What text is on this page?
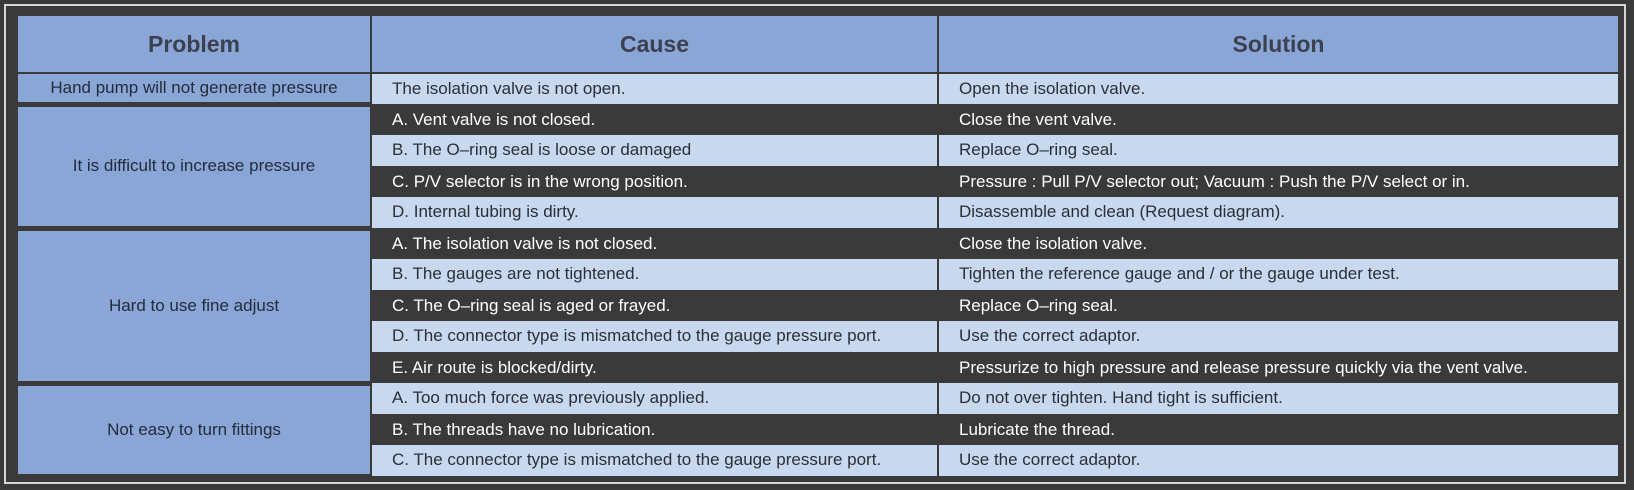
Problem	Cause	Solution
Hand pump will not generate pressure	The isolation valve is not open.	Open the isolation valve.
It is difficult to increase pressure	A. Vent valve is not closed.	Close the vent valve.
	B. The O–ring seal is loose or damaged	Replace O–ring seal.
	C. P/V selector is in the wrong position.	Pressure : Pull P/V selector out; Vacuum : Push the P/V select or in.
	D. Internal tubing is dirty.	Disassemble and clean (Request diagram).
Hard to use fine adjust	A. The isolation valve is not closed.	Close the isolation valve.
	B. The gauges are not tightened.	Tighten the reference gauge and / or the gauge under test.
	C. The O–ring seal is aged or frayed.	Replace O–ring seal.
	D. The connector type is mismatched to the gauge pressure port.	Use the correct adaptor.
	E. Air route is blocked/dirty.	Pressurize to high pressure and release pressure quickly via the vent valve.
Not easy to turn fittings	A. Too much force was previously applied.	Do not over tighten. Hand tight is sufficient.
	B. The threads have no lubrication.	Lubricate the thread.
	C. The connector type is mismatched to the gauge pressure port.	Use the correct adaptor.
